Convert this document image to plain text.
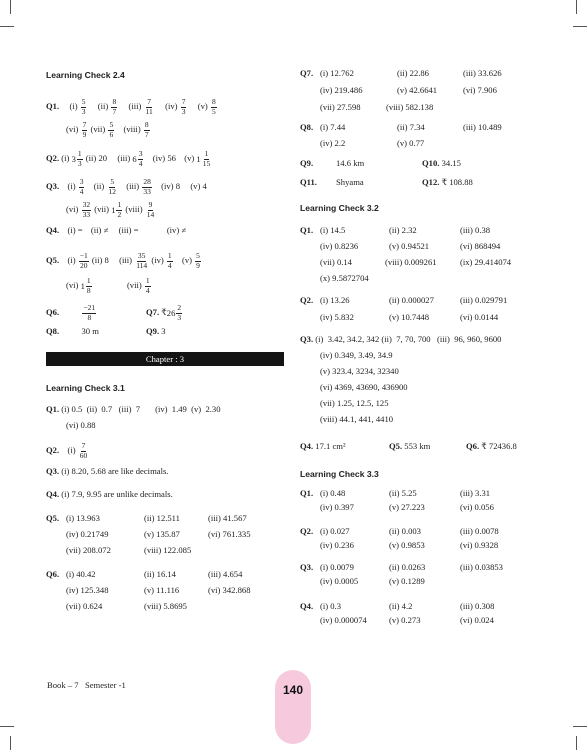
Learning Check 2.4
Q1. $(i) \frac{5}{3} (ii) \frac{8}{7} (iii) \frac{7}{11} (iv) \frac{7}{3} (v) \frac{8}{5}$
$(vi) \frac{7}{9} (vii) \frac{5}{6}$ (viii) $\frac{8}{7}$
Q2. (i) $3 \frac{1}{3} (ii)$ 20 (iii) $6 \frac{3}{4} (iv)$ 56 (v) $1 \frac{1}{15}$
Q3. $(i) \frac{3}{4} (ii) \frac{5}{12} (iii) \frac{28}{33} (iv)$ 8 (v) 4
$(vi) \frac{32}{33} (vii)$ $1 \frac{1}{2}$ (viii) $\frac{9}{14}$
Q4. (i) = (ii) ≠ (iii) =	(iv) ≠
Q5. $(i) \frac{-1}{20} (ii)$ 8 $(iii) \frac{35}{114} (iv) \frac{1}{4} (v) \frac{5}{9}$
(vi) $1 \frac{1}{8}$	$(vii) \frac{1}{4}$
Q6.	$\frac{-21}{8}$	Q7. ₹ $26 \frac{2}{3}$
Q8.	30 m	Q9. 3
Chapter : 3
Learning Check 3.1
Q1. (i) 0.5  (ii)  0.7   (iii)  7       (iv)  1.49  (v)  2.30
(vi) 0.88
Q2. $(i) \frac{7}{60}$
Q3. (i) 8.20, 5.68 are like decimals.
Q4. (i) 7.9, 9.95 are unlike decimals.
Q5. (i) 13.963	(ii) 12.511	(iii) 41.567
(iv) 0.21749	(v) 135.87	(vi) 761.335
(vii) 208.072	(viii) 122.085
Q6. (i) 40.42	(ii) 16.14	(iii) 4.654
(iv) 125.348	(v) 11.116	(vi) 342.868
(vii) 0.624	(viii) 5.8695
Q7. (i) 12.762	(ii) 22.86	(iii) 33.626
(iv) 219.486	(v) 42.6641	(vi) 7.906
(vii) 27.598	(viii) 582.138
Q8. (i) 7.44	(ii) 7.34	(iii) 10.489
(iv) 2.2	(v) 0.77
Q9.	14.6 km	Q10. 34.15
Q11. Shyama	Q12. ₹ 108.88
Learning Check 3.2
Q1. (i) 14.5	(ii) 2.32	(iii) 0.38
(iv) 0.8236	(v) 0.94521	(vi) 868494
(vii) 0.14	(viii) 0.009261	(ix) 29.414074
(x) 9.5872704
Q2. (i) 13.26	(ii) 0.000027	(iii) 0.029791
(iv) 5.832	(v) 10.7448	(vi) 0.0144
Q3. (i)  3.42, 34.2, 342 (ii)  7, 70, 700   (iii)  96, 960, 9600
(iv) 0.349, 3.49, 34.9
(v) 323.4, 3234, 32340
(vi) 4369, 43690, 436900
(vii) 1.25, 12.5, 125
(viii) 44.1, 441, 4410
Q4. 17.1 cm²	Q5. 553 km	Q6. ₹ 72436.8
Learning Check 3.3
Q1. (i) 0.48	(ii) 5.25	(iii) 3.31
(iv) 0.397	(v) 27.223	(vi) 0.056
Q2. (i) 0.027	(ii) 0.003	(iii) 0.0078
(iv) 0.236	(v) 0.9853	(vi) 0.9328
Q3. (i) 0.0079	(ii) 0.0263	(iii) 0.03853
(iv) 0.0005	(v) 0.1289
Q4. (i) 0.3	(ii) 4.2	(iii) 0.308
(iv) 0.000074	(v) 0.273	(vi) 0.024
Book – 7   Semester -1	140
